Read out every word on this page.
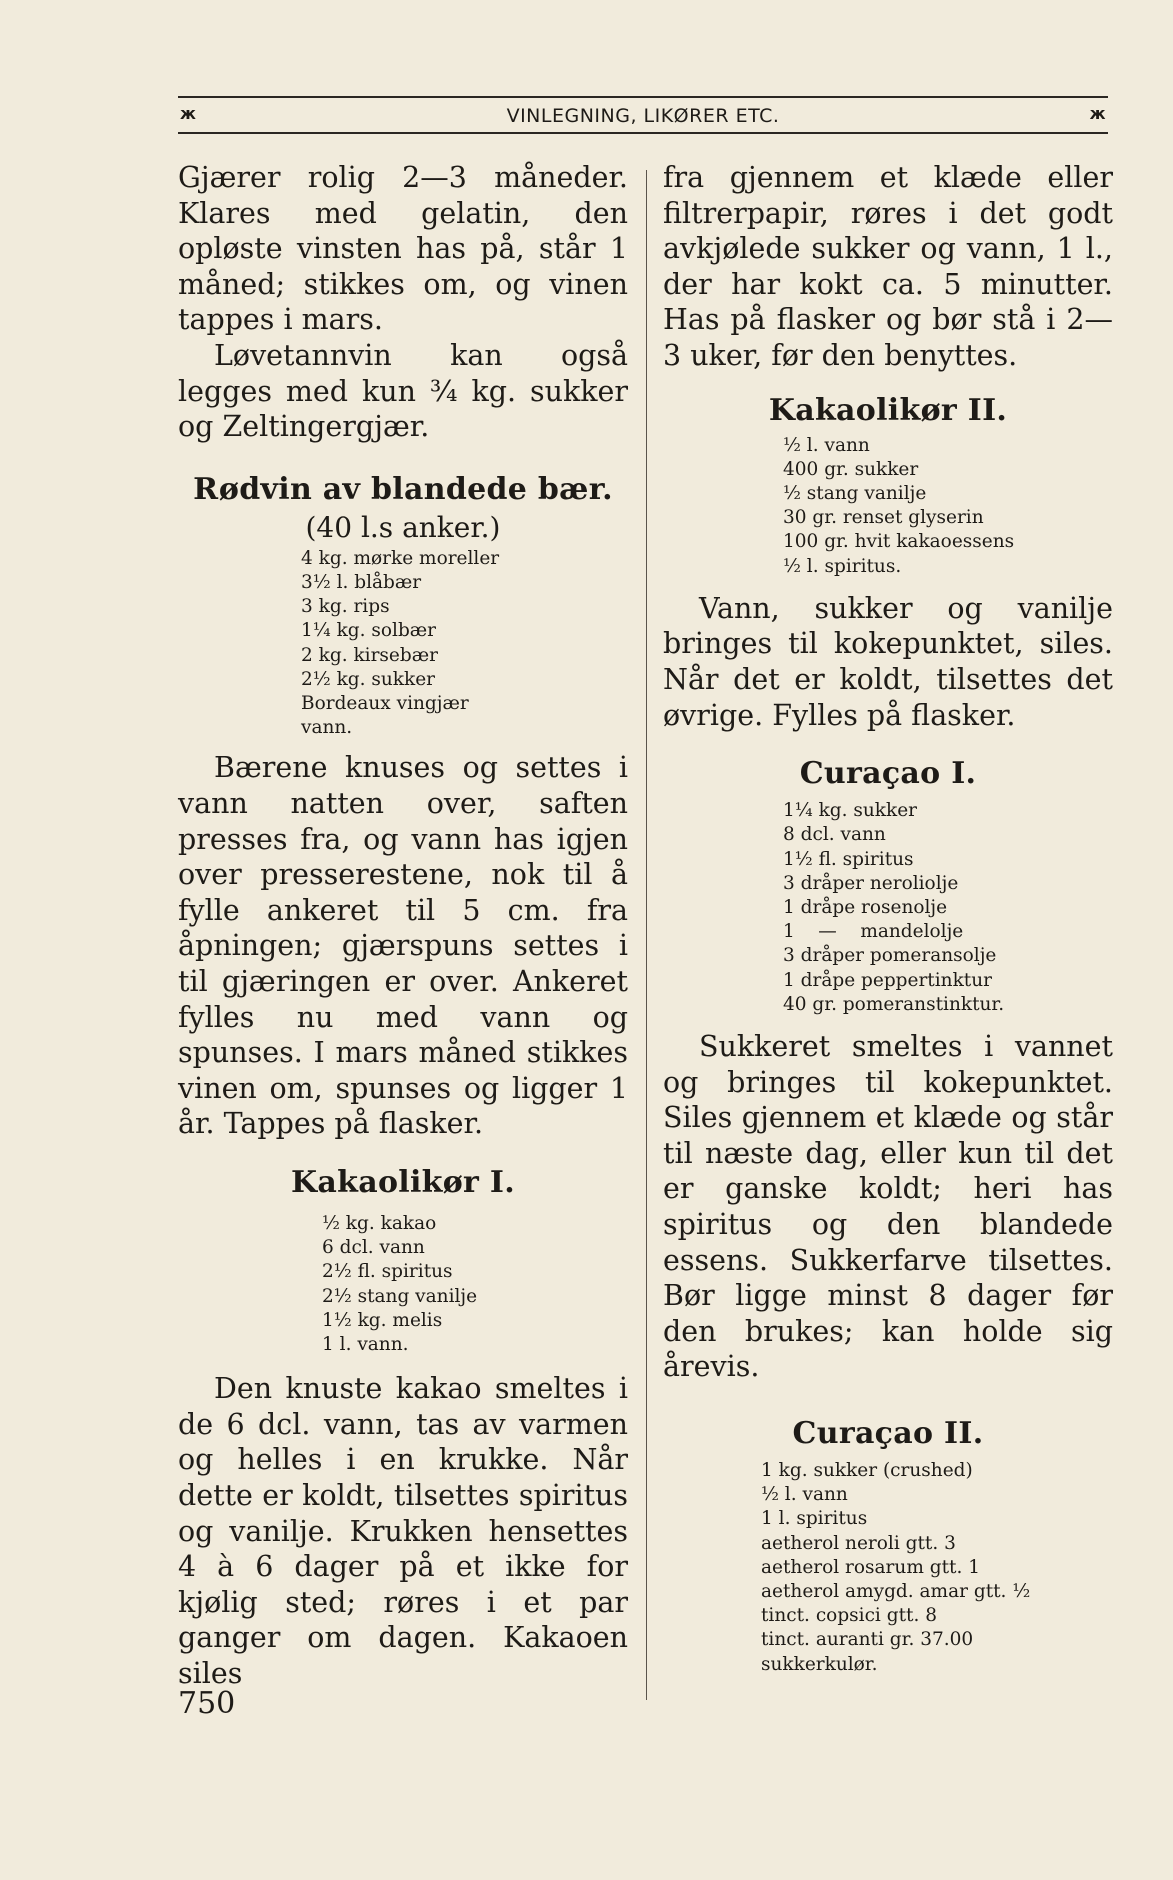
ж	VINLEGNING, LIKØRER ETC.	ж

Gjærer rolig 2—3 måneder. Klares med gelatin, den opløste vinsten has på, står 1 måned; stikkes om, og vinen tappes i mars.

Løvetannvin kan også legges med kun ¾ kg. sukker og Zeltingergjær.

Rødvin av blandede bær.

(40 l.s anker.)

4 kg. mørke moreller
3½ l. blåbær
3 kg. rips
1¼ kg. solbær
2 kg. kirsebær
2½ kg. sukker
Bordeaux vingjær
vann.

Bærene knuses og settes i vann natten over, saften presses fra, og vann has igjen over presserestene, nok til å fylle ankeret til 5 cm. fra åpningen; gjærspuns settes i til gjæringen er over. Ankeret fylles nu med vann og spunses. I mars måned stikkes vinen om, spunses og ligger 1 år. Tappes på flasker.

Kakaolikør I.
½ kg. kakao
6 dcl. vann
2½ fl. spiritus
2½ stang vanilje
1½ kg. melis
1 l. vann.

Den knuste kakao smeltes i de 6 dcl. vann, tas av varmen og helles i en krukke. Når dette er koldt, tilsettes spiritus og vanilje. Krukken hensettes 4 à 6 dager på et ikke for kjølig sted; røres i et par ganger om dagen. Kakaoen siles

fra gjennem et klæde eller filtrerpapir, røres i det godt avkjølede sukker og vann, 1 l., der har kokt ca. 5 minutter. Has på flasker og bør stå i 2—3 uker, før den benyttes.

Kakaolikør II.
½ l. vann
400 gr. sukker
½ stang vanilje
30 gr. renset glyserin
100 gr. hvit kakaoessens
½ l. spiritus.

Vann, sukker og vanilje bringes til kokepunktet, siles. Når det er koldt, tilsettes det øvrige. Fylles på flasker.

Curaçao I.
1¼ kg. sukker
8 dcl. vann
1½ fl. spiritus
3 dråper neroliolje
1 dråpe rosenolje
1    —    mandelolje
3 dråper pomeransolje
1 dråpe peppertinktur
40 gr. pomeranstinktur.

Sukkeret smeltes i vannet og bringes til kokepunktet. Siles gjennem et klæde og står til næste dag, eller kun til det er ganske koldt; heri has spiritus og den blandede essens. Sukkerfarve tilsettes. Bør ligge minst 8 dager før den brukes; kan holde sig årevis.

Curaçao II.
1 kg. sukker (crushed)
½ l. vann
1 l. spiritus
aetherol neroli gtt. 3
aetherol rosarum gtt. 1
aetherol amygd. amar gtt. ½
tinct. copsici gtt. 8
tinct. auranti gr. 37.00
sukkerkulør.
750
